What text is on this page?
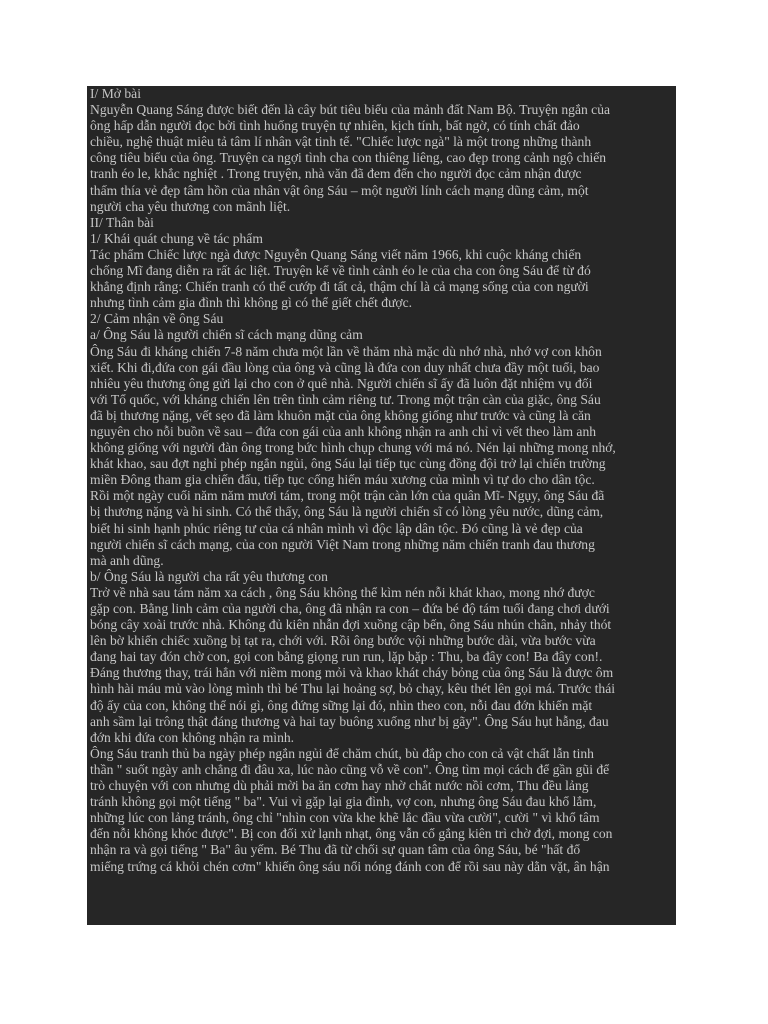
I/ Mở bài
Nguyễn Quang Sáng được biết đến là cây bút tiêu biểu của mảnh đất Nam Bộ. Truyện ngắn của
ông hấp dẫn người đọc bởi tình huống truyện tự nhiên, kịch tính, bất ngờ, có tính chất đảo
chiều, nghệ thuật miêu tả tâm lí nhân vật tinh tế. "Chiếc lược ngà" là một trong những thành
công tiêu biểu của ông. Truyện ca ngợi tình cha con thiêng liêng, cao đẹp trong cảnh ngộ chiến
tranh éo le, khắc nghiệt . Trong truyện, nhà văn đã đem đến cho người đọc cảm nhận được
thấm thía vẻ đẹp tâm hồn của nhân vật ông Sáu – một người lính cách mạng dũng cảm, một
người cha yêu thương con mãnh liệt.
II/ Thân bài
1/ Khái quát chung về tác phẩm
Tác phẩm Chiếc lược ngà được Nguyễn Quang Sáng viết năm 1966, khi cuộc kháng chiến
chống Mĩ đang diễn ra rất ác liệt. Truyện kể về tình cảnh éo le của cha con ông Sáu để từ đó
khẳng định rằng: Chiến tranh có thể cướp đi tất cả, thậm chí là cả mạng sống của con người
nhưng tình cảm gia đình thì không gì có thể giết chết được.
2/ Cảm nhận về ông Sáu
a/ Ông Sáu là người chiến sĩ cách mạng dũng cảm
Ông Sáu đi kháng chiến 7-8 năm chưa một lần về thăm nhà mặc dù nhớ nhà, nhớ vợ con khôn
xiết. Khi đi,đứa con gái đầu lòng của ông và cũng là đứa con duy nhất chưa đầy một tuổi, bao
nhiêu yêu thương ông gửi lại cho con ở quê nhà. Người chiến sĩ ấy đã luôn đặt nhiệm vụ đối
với Tổ quốc, với kháng chiến lên trên tình cảm riêng tư. Trong một trận càn của giặc, ông Sáu
đã bị thương nặng, vết sẹo đã làm khuôn mặt của ông không giống như trước và cũng là căn
nguyên cho nỗi buồn về sau – đứa con gái của anh không nhận ra anh chỉ vì vết theo làm anh
không giống với người đàn ông trong bức hình chụp chung với má nó. Nén lại những mong nhớ,
khát khao, sau đợt nghỉ phép ngắn ngủi, ông Sáu lại tiếp tục cùng đồng đội trở lại chiến trường
miền Đông tham gia chiến đấu, tiếp tục cống hiến máu xương của mình vì tự do cho dân tộc.
Rồi một ngày cuối năm năm mươi tám, trong một trận càn lớn của quân Mĩ- Ngụy, ông Sáu đã
bị thương nặng và hi sinh. Có thể thấy, ông Sáu là người chiến sĩ có lòng yêu nước, dũng cảm,
biết hi sinh hạnh phúc riêng tư của cá nhân mình vì độc lập dân tộc. Đó cũng là vẻ đẹp của
người chiến sĩ cách mạng, của con người Việt Nam trong những năm chiến tranh đau thương
mà anh dũng.
b/ Ông Sáu là người cha rất yêu thương con
Trở về nhà sau tám năm xa cách , ông Sáu không thể kìm nén nỗi khát khao, mong nhớ được
gặp con. Bằng linh cảm của người cha, ông đã nhận ra con – đứa bé độ tám tuổi đang chơi dưới
bóng cây xoài trước nhà. Không đủ kiên nhẫn đợi xuồng cập bến, ông Sáu nhún chân, nhảy thót
lên bờ khiến chiếc xuồng bị tạt ra, chới với. Rồi ông bước vội những bước dài, vừa bước vừa
đang hai tay đón chờ con, gọi con bằng giọng run run, lặp bặp : Thu, ba đây con! Ba đây con!.
Đáng thương thay, trái hẳn với niềm mong mỏi và khao khát cháy bỏng của ông Sáu là được ôm
hình hài máu mủ vào lòng mình thì bé Thu lại hoảng sợ, bỏ chạy, kêu thét lên gọi má. Trước thái
độ ấy của con, không thể nói gì, ông đứng sững lại đó, nhìn theo con, nỗi đau đớn khiến mặt
anh sầm lại trông thật đáng thương và hai tay buông xuống như bị gãy". Ông Sáu hụt hẫng, đau
đớn khi đứa con không nhận ra mình.
Ông Sáu tranh thủ ba ngày phép ngắn ngủi để chăm chút, bù đắp cho con cả vật chất lẫn tinh
thần " suốt ngày anh chẳng đi đâu xa, lúc nào cũng vỗ về con". Ông tìm mọi cách để gần gũi để
trò chuyện với con nhưng dù phải mời ba ăn cơm hay nhờ chắt nước nồi cơm, Thu đều lảng
tránh không gọi một tiếng " ba". Vui vì gặp lại gia đình, vợ con, nhưng ông Sáu đau khổ lắm,
những lúc con lảng tránh, ông chỉ "nhìn con vừa khe khẽ lắc đầu vừa cười", cười " vì khổ tâm
đến nỗi không khóc được". Bị con đối xử lạnh nhạt, ông vẫn cố gắng kiên trì chờ đợi, mong con
nhận ra và gọi tiếng " Ba" âu yếm. Bé Thu đã từ chối sự quan tâm của ông Sáu, bé "hất đổ
miếng trứng cá khỏi chén cơm" khiến ông sáu nổi nóng đánh con để rồi sau này dằn vặt, ân hận
